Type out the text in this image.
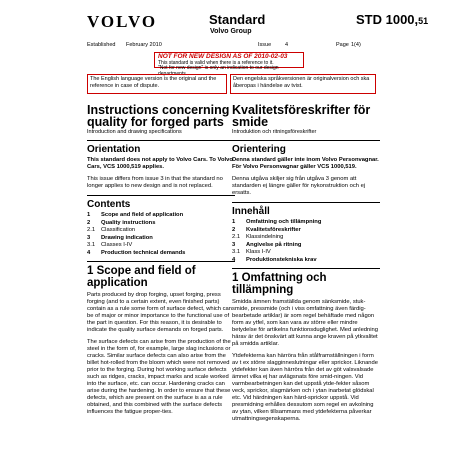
VOLVO	Standard
Volvo Group
STD 1000,51
Established February 2010	Issue	4	Page 1(4)
NOT FOR NEW DESIGN AS OF 2010-02-03
This standard is valid when there is a reference to it.
"Not for new design" is only an indication to our design departments.
The English language version is the original and the reference in case of dispute.
Den engelska språkversionen är originalversion och ska åberopas i händelse av tvist.
Instructions concerning quality for forged parts
Introduction and drawing specifications
Orientation
This standard does not apply to Volvo Cars. To Volvo Cars, VCS 1000,519 applies.
This issue differs from issue 3 in that the standard no longer applies to new design and is not replaced.
Contents
1	Scope and field of application
2	Quality instructions
2.1	Classification
3	Drawing indication
3.1	Classes I-IV
4	Production technical demands
1 Scope and field of application
Parts produced by drop forging, upset forging, press forging (and to a certain extent, even finished parts) contain as a rule some form of surface defect, which can be of major or minor importance to the functional use of the part in question. For this reason, it is desirable to indicate the quality surface demands on forged parts.
The surface defects can arise from the production of the steel in the form of, for example, large slag inclusions or cracks. Similar surface defects can also arise from the billet hot-rolled from the bloom which were not removed prior to the forging. During hot working surface defects such as ridges, cracks, impact marks and scale worked into the surface, etc. can occur. Hardening cracks can arise during the hardening. In order to ensure that these defects, which are present on the surface is as a rule obtained, and this combined with the surface defects influences the fatigue proper-ties.
Kvalitetsföreskrifter för smide
Introduktion och ritningsföreskrifter
Orientering
Denna standard gäller inte inom Volvo Personvagnar. För Volvo Personvagnar gäller VCS 1000,519.
Denna utgåva skiljer sig från utgåva 3 genom att standarden ej längre gäller för nykonstruktion och ej ersatts.
Innehåll
1	Omfattning och tillämpning
2	Kvalitetsföreskrifter
2.1	Klassindelning
3	Angivelse på ritning
3.1	Klass I-IV
4	Produktionstekniska krav
1 Omfattning och tillämpning
Smidda ämnen framställda genom sänksmide, stuk-smide, pressmide (och i viss omfattning även färdig-bearbetade artiklar) är som regel behäftade med någon form av ytfel, som kan vara av större eller mindre betydelse för artikelns funktionsduglighet. Med anledning härav är det önskvärt att kunna ange kraven på ytkvalitet på smidda artiklar.
Ytdefekterna kan härröra från stålframställningen i form av t ex större slagginneslutningar eller sprickor. Liknande ytdefekter kan även härröra från det av göt valsvalsade ämnet vilka ej har avlägsnats före smid-ningen. Vid varmbearbetningen kan det uppstå ytde-fekter såsom veck, sprickor, slagmärken och i ytan inarbetat glödskal etc. Vid härdningen kan härd-sprickor uppstå. Vid presmidning erhålles dessutom som regel en avkolning av ytan, vilken tillsammans med ytdefekterna påverkar utmattningsegenskaperna.
